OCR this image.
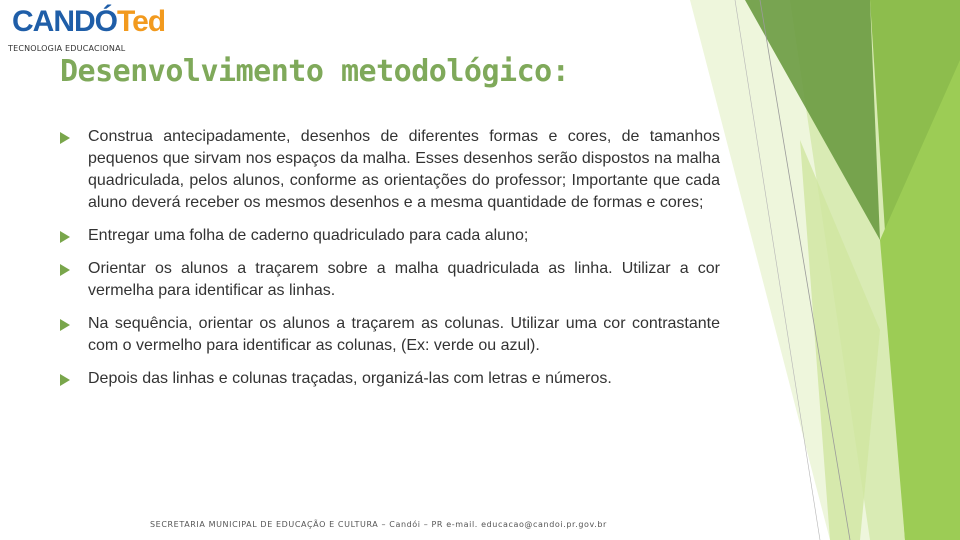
CANDÓTed
TECNOLOGIA EDUCACIONAL
Desenvolvimento metodológico:
Construa antecipadamente, desenhos de diferentes formas e cores, de tamanhos pequenos que sirvam nos espaços da malha. Esses desenhos serão dispostos na malha quadriculada, pelos alunos, conforme as orientações do professor; Importante que cada aluno deverá receber os mesmos desenhos e a mesma quantidade de formas e cores;
Entregar uma folha de caderno quadriculado para cada aluno;
Orientar os alunos a traçarem sobre a malha quadriculada as linha. Utilizar a cor vermelha para identificar as linhas.
Na sequência, orientar os alunos a traçarem as colunas. Utilizar uma cor contrastante com o vermelho para identificar as colunas, (Ex: verde ou azul).
Depois das linhas e colunas traçadas, organizá-las com letras e números.
SECRETARIA MUNICIPAL DE EDUCAÇÃO E CULTURA – Candói – PR e-mail. educacao@candoi.pr.gov.br
